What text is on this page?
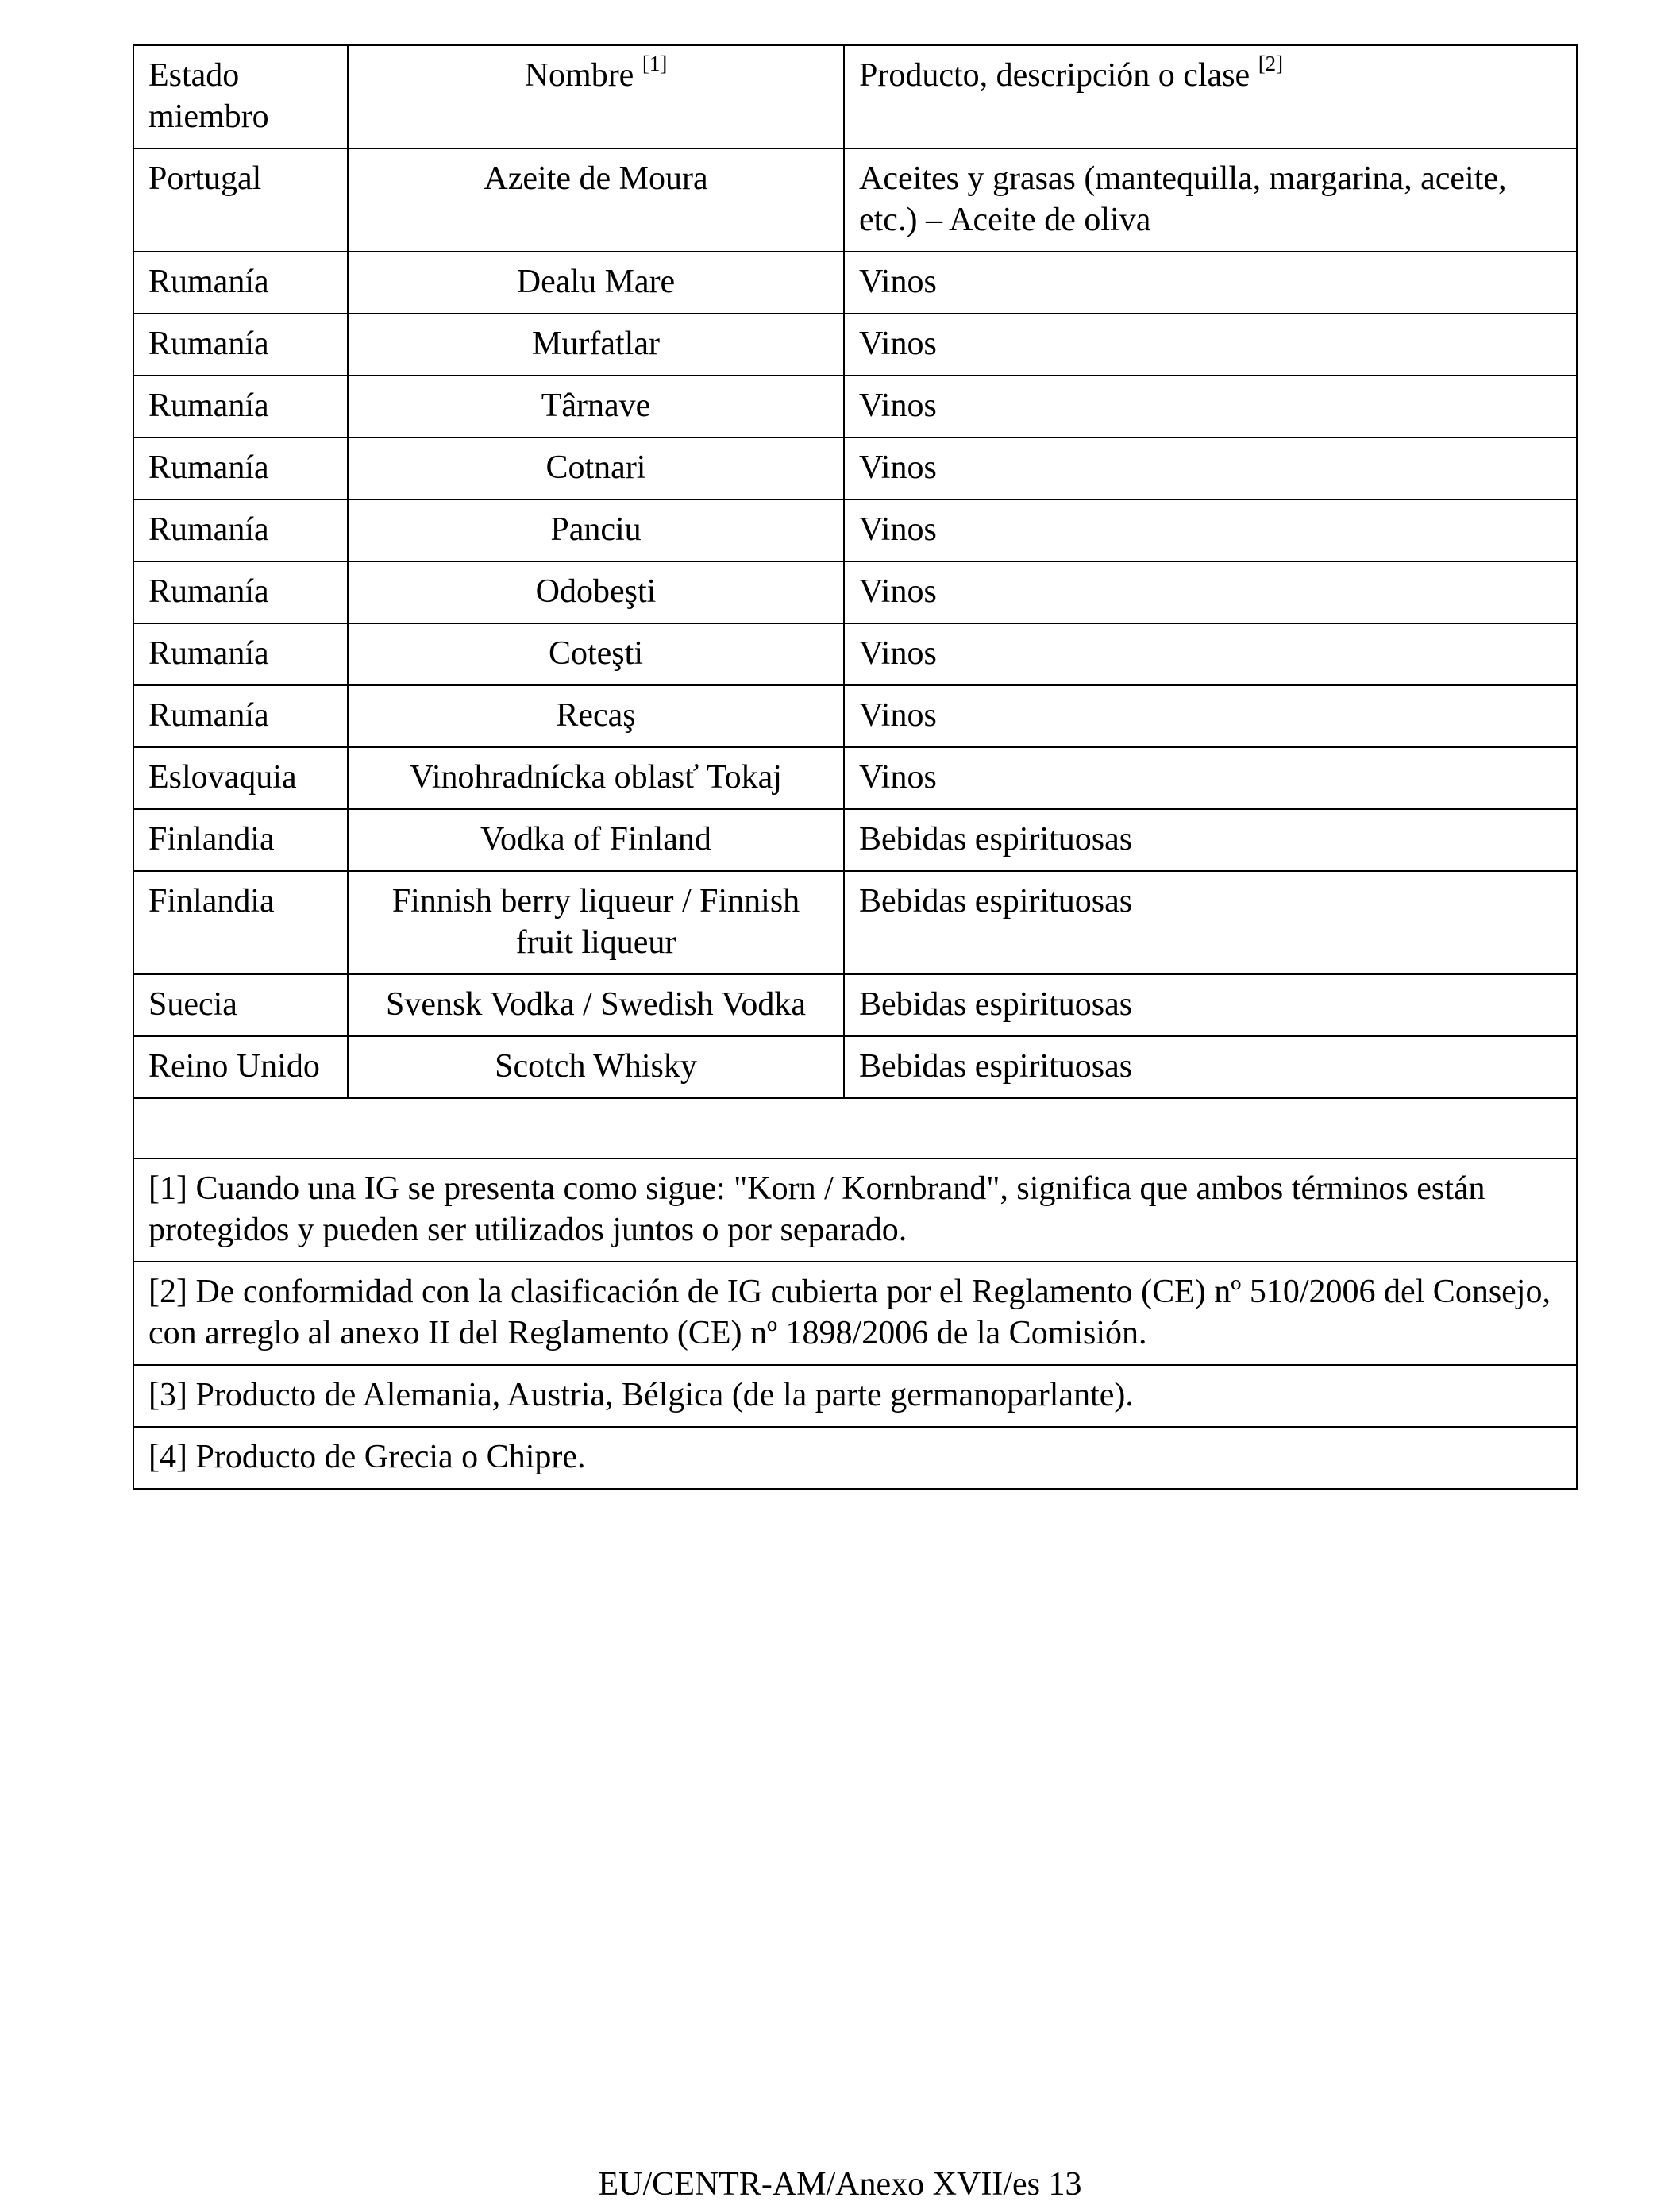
Estado miembro	Nombre [1]	Producto, descripción o clase [2]
Portugal	Azeite de Moura	Aceites y grasas (mantequilla, margarina, aceite, etc.) – Aceite de oliva
Rumanía	Dealu Mare	Vinos
Rumanía	Murfatlar	Vinos
Rumanía	Târnave	Vinos
Rumanía	Cotnari	Vinos
Rumanía	Panciu	Vinos
Rumanía	Odobeşti	Vinos
Rumanía	Coteşti	Vinos
Rumanía	Recaş	Vinos
Eslovaquia	Vinohradnícka oblasť Tokaj	Vinos
Finlandia	Vodka of Finland	Bebidas espirituosas
Finlandia	Finnish berry liqueur / Finnish fruit liqueur	Bebidas espirituosas
Suecia	Svensk Vodka / Swedish Vodka	Bebidas espirituosas
Reino Unido	Scotch Whisky	Bebidas espirituosas

[1] Cuando una IG se presenta como sigue: "Korn / Kornbrand", significa que ambos términos están protegidos y pueden ser utilizados juntos o por separado.		
[2] De conformidad con la clasificación de IG cubierta por el Reglamento (CE) nº 510/2006 del Consejo, con arreglo al anexo II del Reglamento (CE) nº 1898/2006 de la Comisión.		
[3] Producto de Alemania, Austria, Bélgica (de la parte germanoparlante).		
[4] Producto de Grecia o Chipre.		
EU/CENTR-AM/Anexo XVII/es 13
